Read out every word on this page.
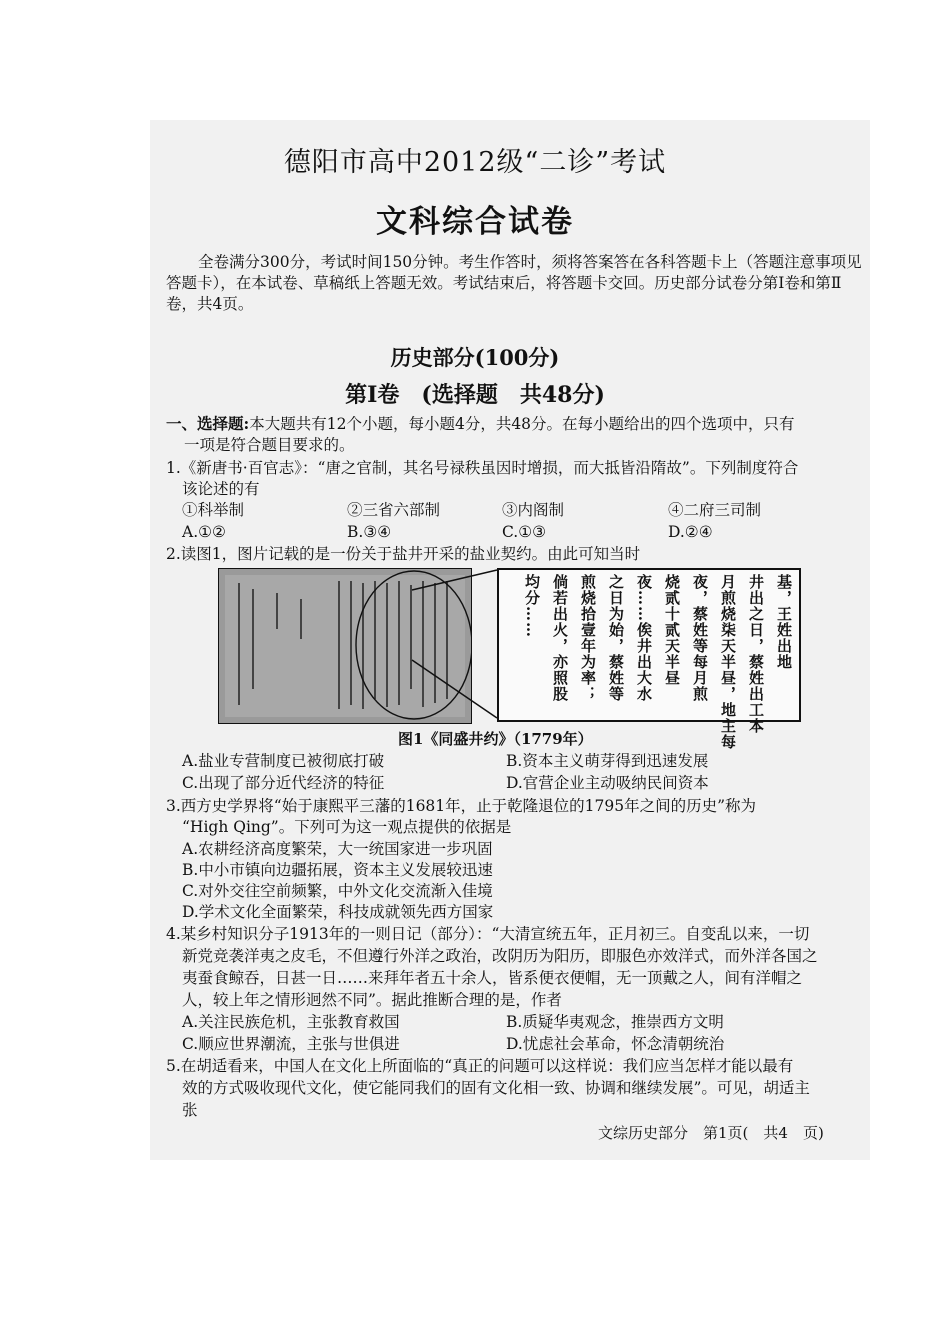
德阳市高中2012级“二诊”考试
文科综合试卷
全卷满分300分，考试时间150分钟。考生作答时，须将答案答在各科答题卡上（答题注意事项见答题卡），在本试卷、草稿纸上答题无效。考试结束后，将答题卡交回。历史部分试卷分第Ⅰ卷和第Ⅱ卷，共4页。
历史部分(100分)
第Ⅰ卷　(选择题　共48分)
一、选择题:本大题共有12个小题，每小题4分，共48分。在每小题给出的四个选项中，只有
一项是符合题目要求的。
1.《新唐书·百官志》：“唐之官制，其名号禄秩虽因时增损，而大抵皆沿隋故”。下列制度符合
该论述的有
①科举制	②三省六部制	③内阁制	④二府三司制
A.①②	B.③④	C.①③	D.②④
2.读图1，图片记载的是一份关于盐井开采的盐业契约。由此可知当时
基，王姓出地
井出之日，蔡姓出工本
月煎烧柒天半昼，地主每
夜，蔡姓等每月煎
烧贰十贰天半昼
夜……俟井出大水
之日为始，蔡姓等
煎烧拾壹年为率；
倘若出火，亦照股
均分……
图1《同盛井约》（1779年）
A.盐业专营制度已被彻底打破	B.资本主义萌芽得到迅速发展
C.出现了部分近代经济的特征	D.官营企业主动吸纳民间资本
3.西方史学界将“始于康熙平三藩的1681年，止于乾隆退位的1795年之间的历史”称为
“High Qing”。下列可为这一观点提供的依据是
A.农耕经济高度繁荣，大一统国家进一步巩固
B.中小市镇向边疆拓展，资本主义发展较迅速
C.对外交往空前频繁，中外文化交流渐入佳境
D.学术文化全面繁荣，科技成就领先西方国家
4.某乡村知识分子1913年的一则日记（部分）：“大清宣统五年，正月初三。自变乱以来，一切
新党竞袭洋夷之皮毛，不但遵行外洋之政治，改阴历为阳历，即服色亦效洋式，而外洋各国之
夷蚕食鲸吞，日甚一日……来拜年者五十余人，皆系便衣便帽，无一顶戴之人，间有洋帽之
人，较上年之情形迥然不同”。据此推断合理的是，作者
A.关注民族危机，主张教育救国	B.质疑华夷观念，推崇西方文明
C.顺应世界潮流，主张与世俱进	D.忧虑社会革命，怀念清朝统治
5.在胡适看来，中国人在文化上所面临的“真正的问题可以这样说：我们应当怎样才能以最有
效的方式吸收现代文化，使它能同我们的固有文化相一致、协调和继续发展”。可见，胡适主
张
文综历史部分　第1页(　共4　页)
